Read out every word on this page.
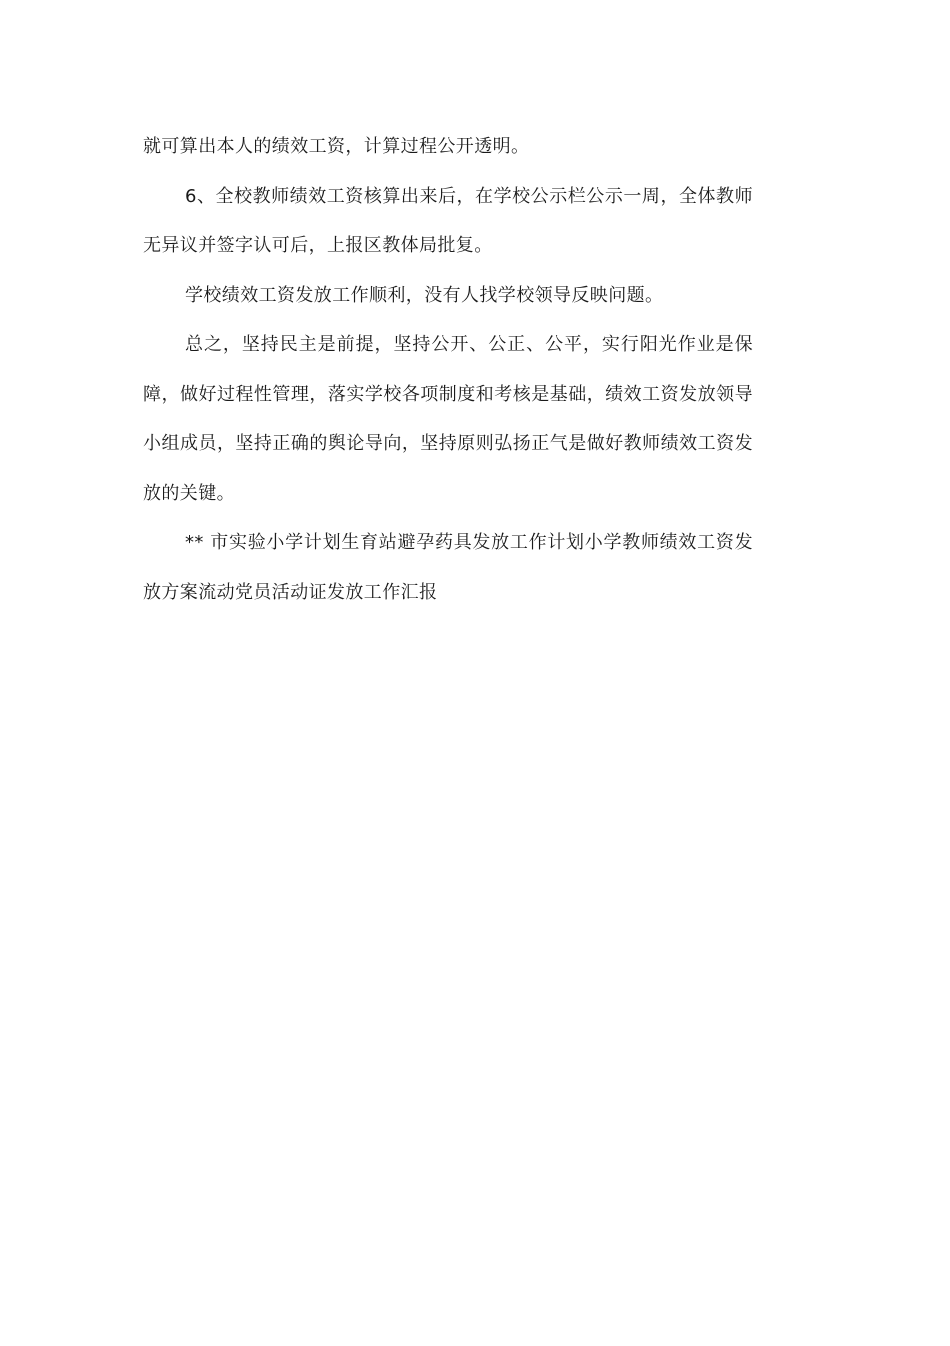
就可算出本人的绩效工资，计算过程公开透明。

6、全校教师绩效工资核算出来后，在学校公示栏公示一周，全体教师无异议并签字认可后，上报区教体局批复。

学校绩效工资发放工作顺利，没有人找学校领导反映问题。

总之，坚持民主是前提，坚持公开、公正、公平，实行阳光作业是保障，做好过程性管理，落实学校各项制度和考核是基础，绩效工资发放领导小组成员，坚持正确的舆论导向，坚持原则弘扬正气是做好教师绩效工资发放的关键。

** 市实验小学计划生育站避孕药具发放工作计划小学教师绩效工资发放方案流动党员活动证发放工作汇报
